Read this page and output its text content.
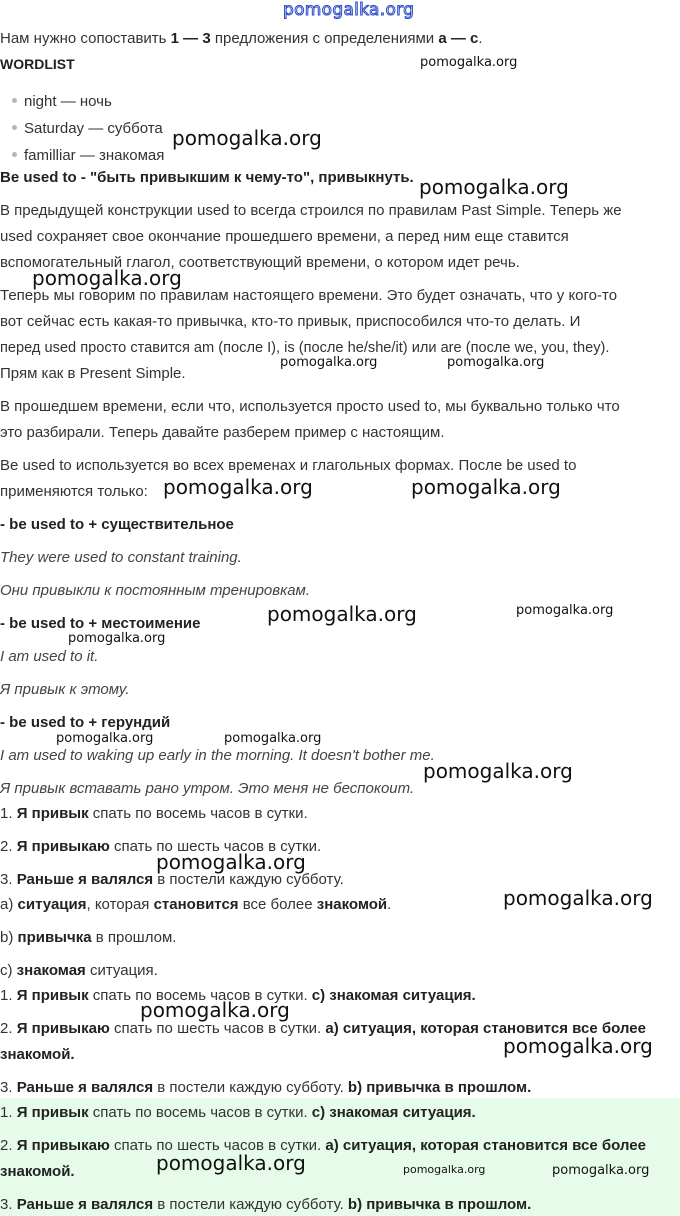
pomogalka.org
Нам нужно сопоставить 1 — 3 предложения с определениями а — с.
WORDLIST
night — ночь
Saturday — суббота
familliar — знакомая
Be used to - "быть привыкшим к чему-то", привыкнуть.
В предыдущей конструкции used to всегда строился по правилам Past Simple. Теперь же
used сохраняет свое окончание прошедшего времени, а перед ним еще ставится
вспомогательный глагол, соответствующий времени, о котором идет речь.
Теперь мы говорим по правилам настоящего времени. Это будет означать, что у кого-то
вот сейчас есть какая-то привычка, кто-то привык, приспособился что-то делать. И
перед used просто ставится am (после I), is (после he/she/it) или are (после we, you, they).
Прям как в Present Simple.
В прошедшем времени, если что, используется просто used to, мы буквально только что
это разбирали. Теперь давайте разберем пример с настоящим.
Be used to используется во всех временах и глагольных формах. После be used to
применяются только:
- be used to + существительное
They were used to constant training.
Они привыкли к постоянным тренировкам.
- be used to + местоимение
I am used to it.
Я привык к этому.
- be used to + герундий
I am used to waking up early in the morning. It doesn't bother me.
Я привык вставать рано утром. Это меня не беспокоит.
1. Я привык спать по восемь часов в сутки.
2. Я привыкаю спать по шесть часов в сутки.
3. Раньше я валялся в постели каждую субботу.
а) ситуация, которая становится все более знакомой.
b) привычка в прошлом.
c) знакомая ситуация.
1. Я привык спать по восемь часов в сутки. c) знакомая ситуация.
2. Я привыкаю спать по шесть часов в сутки. а) ситуация, которая становится все более
знакомой.
3. Раньше я валялся в постели каждую субботу. b) привычка в прошлом.
1. Я привык спать по восемь часов в сутки. c) знакомая ситуация.
2. Я привыкаю спать по шесть часов в сутки. а) ситуация, которая становится все более
знакомой.
3. Раньше я валялся в постели каждую субботу. b) привычка в прошлом.
pomogalka.org
pomogalka.org
pomogalka.org
pomogalka.org
pomogalka.org	pomogalka.org
pomogalka.org	pomogalka.org
pomogalka.org	pomogalka.org
pomogalka.org
pomogalka.org	pomogalka.org
pomogalka.org
pomogalka.org
pomogalka.org
pomogalka.org
pomogalka.org
pomogalka.org	pomogalka.org	pomogalka.org
